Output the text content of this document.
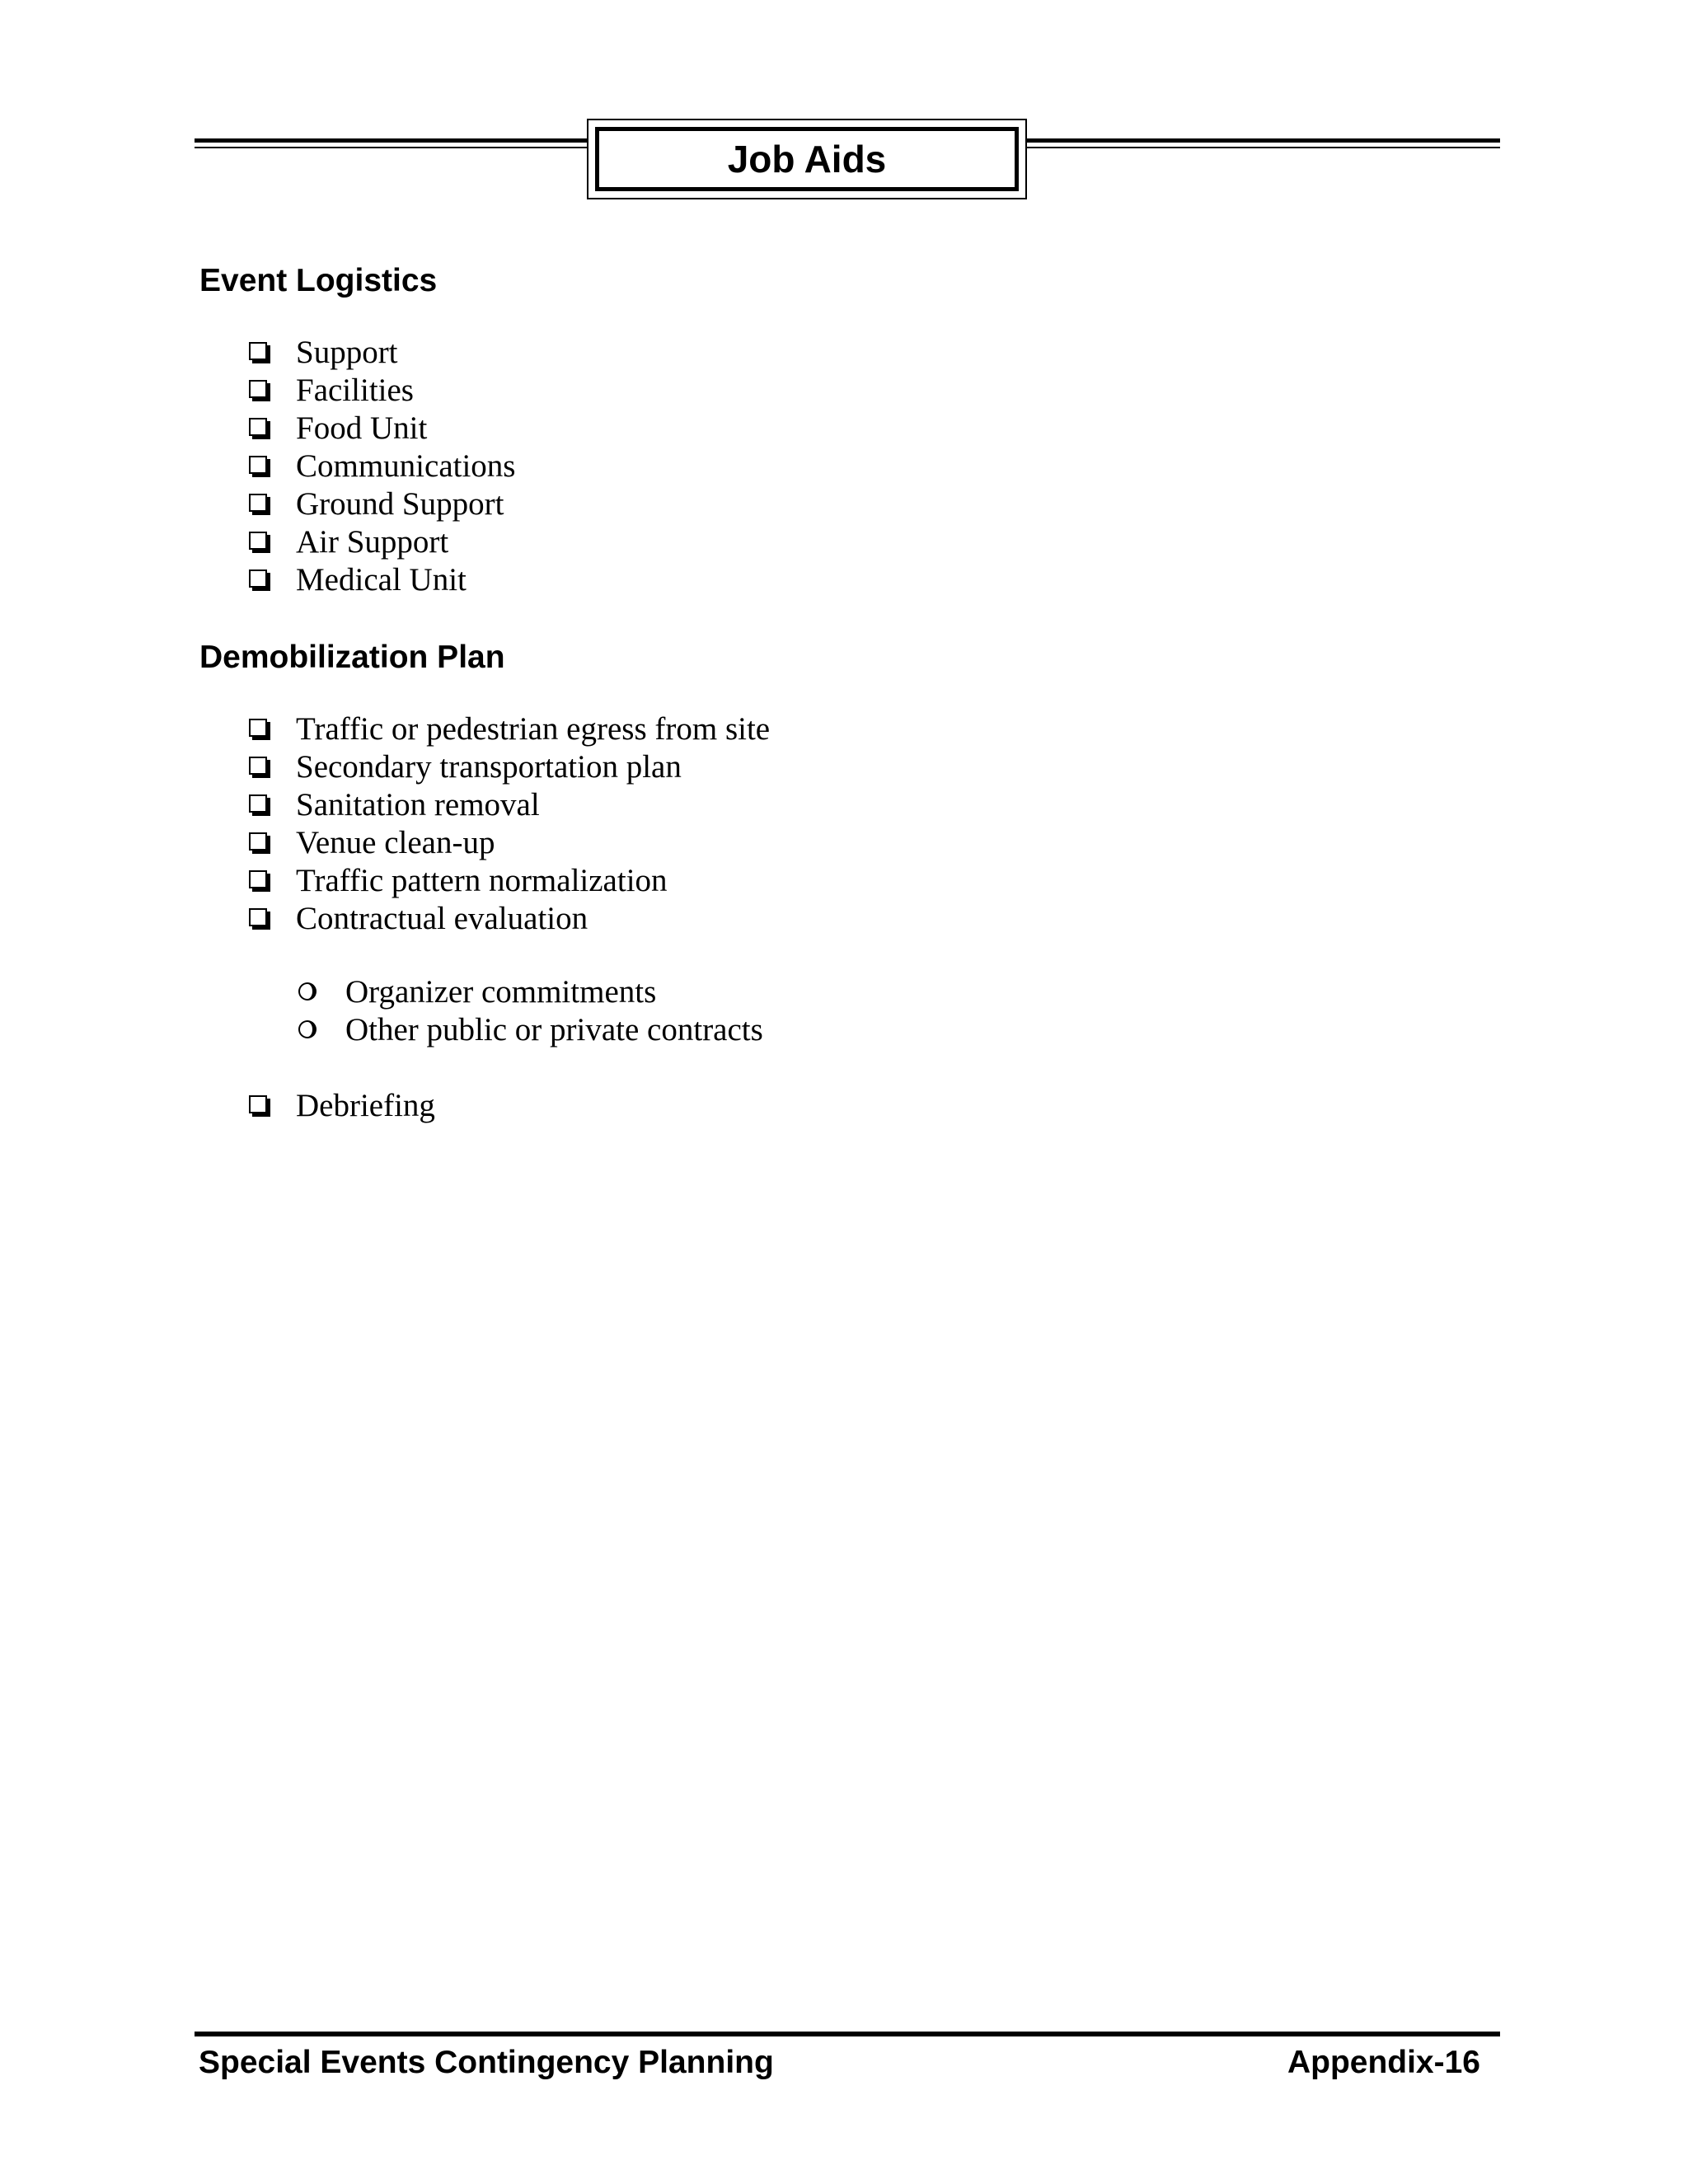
Job Aids
Event Logistics
Support
Facilities
Food Unit
Communications
Ground Support
Air Support
Medical Unit
Demobilization Plan
Traffic or pedestrian egress from site
Secondary transportation plan
Sanitation removal
Venue clean-up
Traffic pattern normalization
Contractual evaluation
Organizer commitments
Other public or private contracts
Debriefing
Special Events Contingency Planning	Appendix-16
